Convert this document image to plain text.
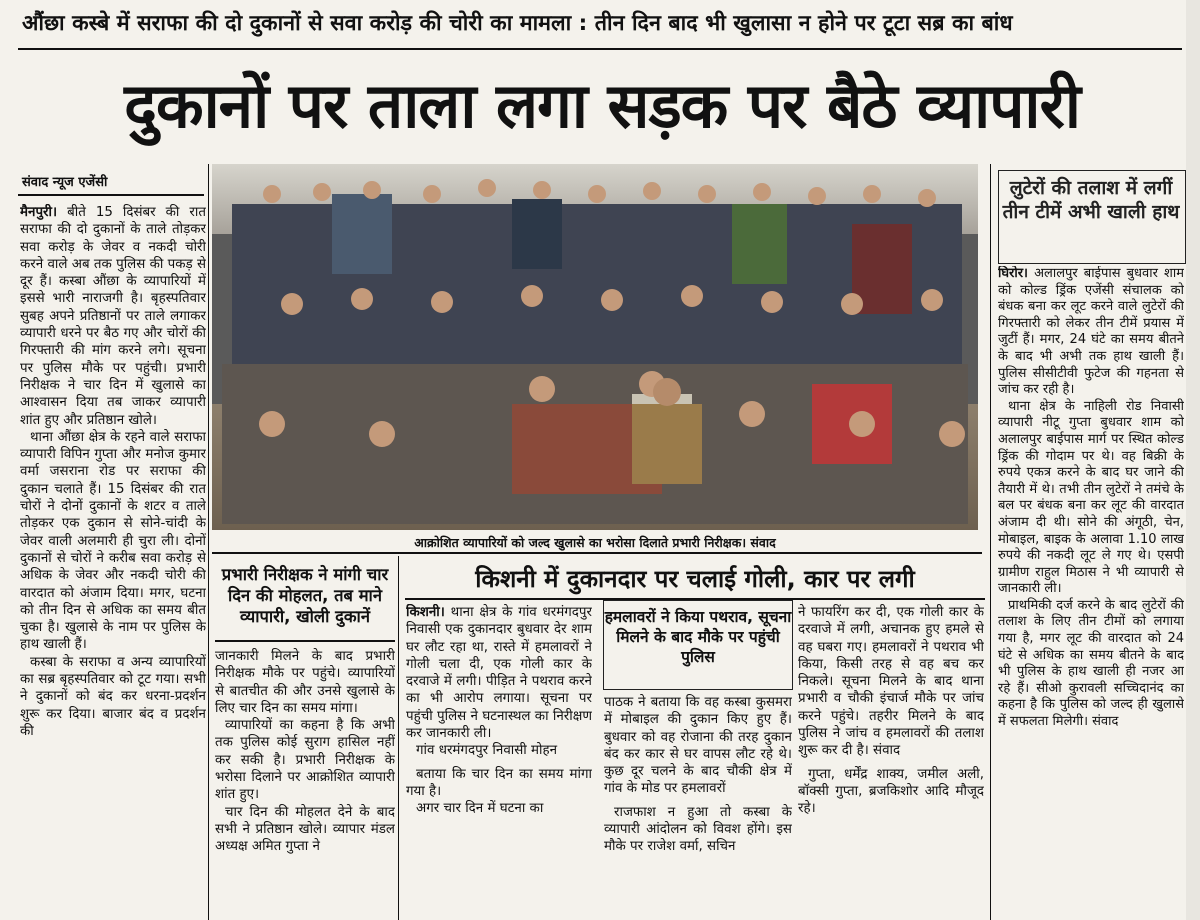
औंछा कस्बे में सराफा की दो दुकानों से सवा करोड़ की चोरी का मामला : तीन दिन बाद भी खुलासा न होने पर टूटा सब्र का बांध
दुकानों पर ताला लगा सड़क पर बैठे व्यापारी
संवाद न्यूज एजेंसी

मैनपुरी। बीते 15 दिसंबर की रात सराफा की दो दुकानों के ताले तोड़कर सवा करोड़ के जेवर व नकदी चोरी करने वाले अब तक पुलिस की पकड़ से दूर हैं। कस्बा औंछा के व्यापारियों में इससे भारी नाराजगी है। बृहस्पतिवार सुबह अपने प्रतिष्ठानों पर ताले लगाकर व्यापारी धरने पर बैठ गए और चोरों की गिरफ्तारी की मांग करने लगे। सूचना पर पुलिस मौके पर पहुंची। प्रभारी निरीक्षक ने चार दिन में खुलासे का आश्वासन दिया तब जाकर व्यापारी शांत हुए और प्रतिष्ठान खोले।

थाना औंछा क्षेत्र के रहने वाले सराफा व्यापारी विपिन गुप्ता और मनोज कुमार वर्मा जसराना रोड पर सराफा की दुकान चलाते हैं। 15 दिसंबर की रात चोरों ने दोनों दुकानों के शटर व ताले तोड़कर एक दुकान से सोने-चांदी के जेवर वाली अलमारी ही चुरा ली। दोनों दुकानों से चोरों ने करीब सवा करोड़ से अधिक के जेवर और नकदी चोरी की वारदात को अंजाम दिया। मगर, घटना को तीन दिन से अधिक का समय बीत चुका है। खुलासे के नाम पर पुलिस के हाथ खाली हैं।

कस्बा के सराफा व अन्य व्यापारियों का सब्र बृहस्पतिवार को टूट गया। सभी ने दुकानों को बंद कर धरना-प्रदर्शन शुरू कर दिया। बाजार बंद व प्रदर्शन की

आक्रोशित व्यापारियों को जल्द खुलासे का भरोसा दिलाते प्रभारी निरीक्षक। संवाद
लुटेरों की तलाश में लगीं तीन टीमें अभी खाली हाथ

घिरोर। अलालपुर बाईपास बुधवार शाम को कोल्ड ड्रिंक एजेंसी संचालक को बंधक बना कर लूट करने वाले लुटेरों की गिरफ्तारी को लेकर तीन टीमें प्रयास में जुटीं हैं। मगर, 24 घंटे का समय बीतने के बाद भी अभी तक हाथ खाली हैं। पुलिस सीसीटीवी फुटेज की गहनता से जांच कर रही है।

थाना क्षेत्र के नाहिली रोड निवासी व्यापारी नीटू गुप्ता बुधवार शाम को अलालपुर बाईपास मार्ग पर स्थित कोल्ड ड्रिंक की गोदाम पर थे। वह बिक्री के रुपये एकत्र करने के बाद घर जाने की तैयारी में थे। तभी तीन लुटेरों ने तमंचे के बल पर बंधक बना कर लूट की वारदात अंजाम दी थी। सोने की अंगूठी, चेन, मोबाइल, बाइक के अलावा 1.10 लाख रुपये की नकदी लूट ले गए थे। एसपी ग्रामीण राहुल मिठास ने भी व्यापारी से जानकारी ली।

प्राथमिकी दर्ज करने के बाद लुटेरों की तलाश के लिए तीन टीमों को लगाया गया है, मगर लूट की वारदात को 24 घंटे से अधिक का समय बीतने के बाद भी पुलिस के हाथ खाली ही नजर आ रहे हैं। सीओ कुरावली सच्चिदानंद का कहना है कि पुलिस को जल्द ही खुलासे में सफलता मिलेगी। संवाद

प्रभारी निरीक्षक ने मांगी चार दिन की मोहलत, तब माने व्यापारी, खोली दुकानें

जानकारी मिलने के बाद प्रभारी निरीक्षक मौके पर पहुंचे। व्यापारियों से बातचीत की और उनसे खुलासे के लिए चार दिन का समय मांगा।

व्यापारियों का कहना है कि अभी तक पुलिस कोई सुराग हासिल नहीं कर सकी है। प्रभारी निरीक्षक के भरोसा दिलाने पर आक्रोशित व्यापारी शांत हुए।

चार दिन की मोहलत देने के बाद सभी ने प्रतिष्ठान खोले। व्यापार मंडल अध्यक्ष अमित गुप्ता ने

किशनी में दुकानदार पर चलाई गोली, कार पर लगी

किशनी। थाना क्षेत्र के गांव धरमंगदपुर निवासी एक दुकानदार बुधवार देर शाम घर लौट रहा था, रास्ते में हमलावरों ने गोली चला दी, एक गोली कार के दरवाजे में लगी। पीड़ित ने पथराव करने का भी आरोप लगाया। सूचना पर पहुंची पुलिस ने घटनास्थल का निरीक्षण कर जानकारी ली।

गांव धरमंगदपुर निवासी मोहन

बताया कि चार दिन का समय मांगा गया है।

अगर चार दिन में घटना का

हमलावरों ने किया पथराव, सूचना मिलने के बाद मौके पर पहुंची पुलिस

पाठक ने बताया कि वह कस्बा कुसमरा में मोबाइल की दुकान किए हुए हैं। बुधवार को वह रोजाना की तरह दुकान बंद कर कार से घर वापस लौट रहे थे। कुछ दूर चलने के बाद चौकी क्षेत्र में गांव के मोड पर हमलावरों

राजफाश न हुआ तो कस्बा के व्यापारी आंदोलन को विवश होंगे। इस मौके पर राजेश वर्मा, सचिन

ने फायरिंग कर दी, एक गोली कार के दरवाजे में लगी, अचानक हुए हमले से वह घबरा गए। हमलावरों ने पथराव भी किया, किसी तरह से वह बच कर निकले। सूचना मिलने के बाद थाना प्रभारी व चौकी इंचार्ज मौके पर जांच करने पहुंचे। तहरीर मिलने के बाद पुलिस ने जांच व हमलावरों की तलाश शुरू कर दी है। संवाद

गुप्ता, धर्मेंद्र शाक्य, जमील अली, बॉक्सी गुप्ता, ब्रजकिशोर आदि मौजूद रहे।
